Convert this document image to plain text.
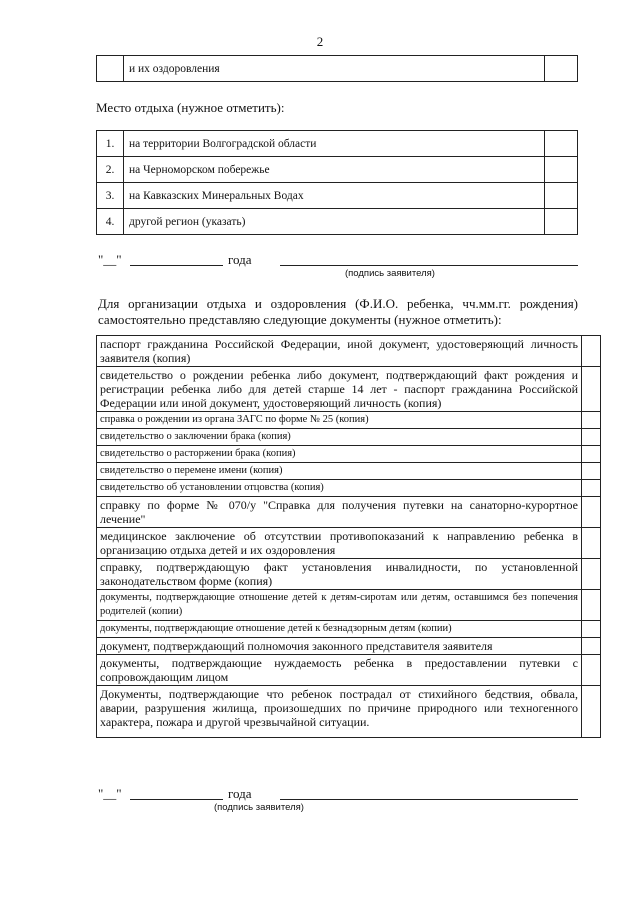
2
	и их оздоровления	
Место отдыха (нужное отметить):
1.	на территории Волгоградской области	
2.	на Черноморском побережье	
3.	на Кавказских Минеральных Водах	
4.	другой регион (указать)	
"__"	года
(подпись заявителя)
Для организации отдыха и оздоровления (Ф.И.О. ребенка, чч.мм.гг. рождения) самостоятельно представляю следующие документы (нужное отметить):
паспорт гражданина Российской Федерации, иной документ, удостоверяющий личность заявителя (копия)	
свидетельство о рождении ребенка либо документ, подтверждающий факт рождения и регистрации ребенка либо для детей старше 14 лет - паспорт гражданина Российской Федерации или иной документ, удостоверяющий личность (копия)	
справка о рождении из органа ЗАГС по форме № 25 (копия)	
свидетельство о заключении брака (копия)	
свидетельство о расторжении брака (копия)	
свидетельство о перемене имени (копия)	
свидетельство об установлении отцовства (копия)	
справку по форме № 070/у "Справка для получения путевки на санаторно-курортное лечение"	
медицинское заключение об отсутствии противопоказаний к направлению ребенка в организацию отдыха детей и их оздоровления	
справку, подтверждающую факт установления инвалидности, по установленной законодательством форме (копия)	
документы, подтверждающие отношение детей к детям-сиротам или детям, оставшимся без попечения родителей (копии)	
документы, подтверждающие отношение детей к безнадзорным детям (копии)	
документ, подтверждающий полномочия законного представителя заявителя	
документы, подтверждающие нуждаемость ребенка в предоставлении путевки с сопровождающим лицом	
Документы, подтверждающие что ребенок пострадал от стихийного бедствия, обвала, аварии, разрушения жилища, произошедших по причине природного или техногенного характера, пожара и другой чрезвычайной ситуации.	
"__"	года
(подпись заявителя)
